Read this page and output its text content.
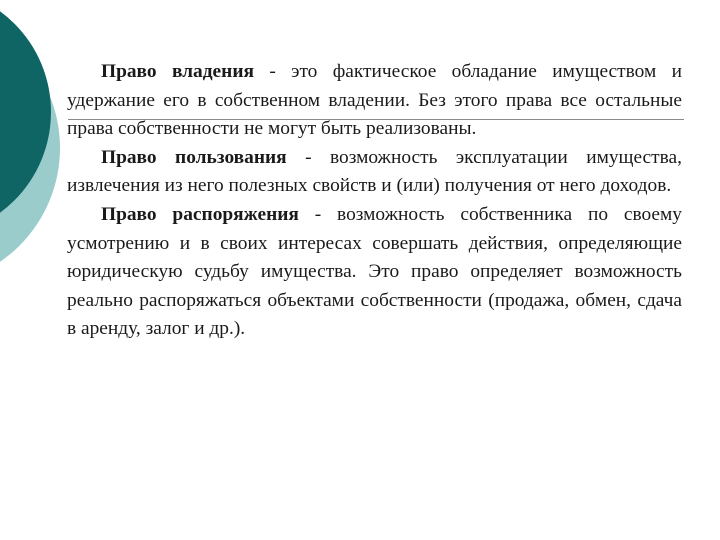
Право владения - это фактическое обладание имуществом и удержание его в собственном владении. Без этого права все остальные права собственности не могут быть реализованы.

Право пользования - возможность эксплуатации имущества, извлечения из него полезных свойств и (или) получения от него доходов.

Право распоряжения - возможность собственника по своему усмотрению и в своих интересах совершать действия, определяющие юридическую судьбу имущества. Это право определяет возможность реально распоряжаться объектами собственности (продажа, обмен, сдача в аренду, залог и др.).
